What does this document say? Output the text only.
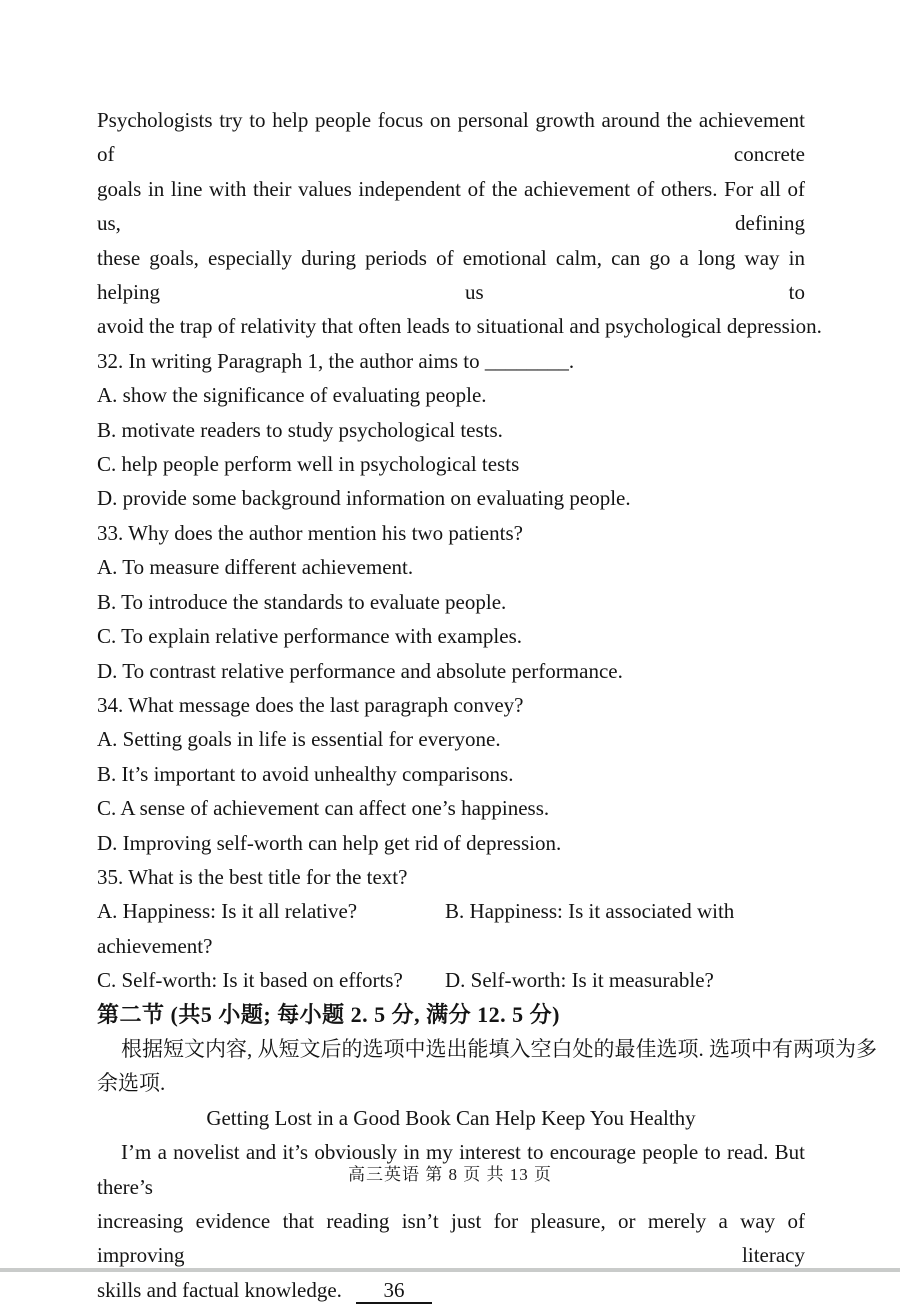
Psychologists try to help people focus on personal growth around the achievement of concrete
goals in line with their values independent of the achievement of others. For all of us, defining
these goals, especially during periods of emotional calm, can go a long way in helping us to
avoid the trap of relativity that often leads to situational and psychological depression.
32. In writing Paragraph 1, the author aims to ________.
A. show the significance of evaluating people.
B. motivate readers to study psychological tests.
C. help people perform well in psychological tests
D. provide some background information on evaluating people.
33. Why does the author mention his two patients?
A. To measure different achievement.
B. To introduce the standards to evaluate people.
C. To explain relative performance with examples.
D. To contrast relative performance and absolute performance.
34. What message does the last paragraph convey?
A. Setting goals in life is essential for everyone.
B. It’s important to avoid unhealthy comparisons.
C. A sense of achievement can affect one’s happiness.
D. Improving self-worth can help get rid of depression.
35. What is the best title for the text?
A. Happiness: Is it all relative?	B. Happiness: Is it associated with
achievement?
C. Self-worth: Is it based on efforts?	D. Self-worth: Is it measurable?
第二节 (共5 小题; 每小题 2. 5 分, 满分 12. 5 分)
根据短文内容, 从短文后的选项中选出能填入空白处的最佳选项. 选项中有两项为多
余选项.
Getting Lost in a Good Book Can Help Keep You Healthy
I’m a novelist and it’s obviously in my interest to encourage people to read. But there’s
increasing evidence that reading isn’t just for pleasure, or merely a way of improving literacy
skills and factual knowledge. 36
高三英语 第 8 页 共 13 页
